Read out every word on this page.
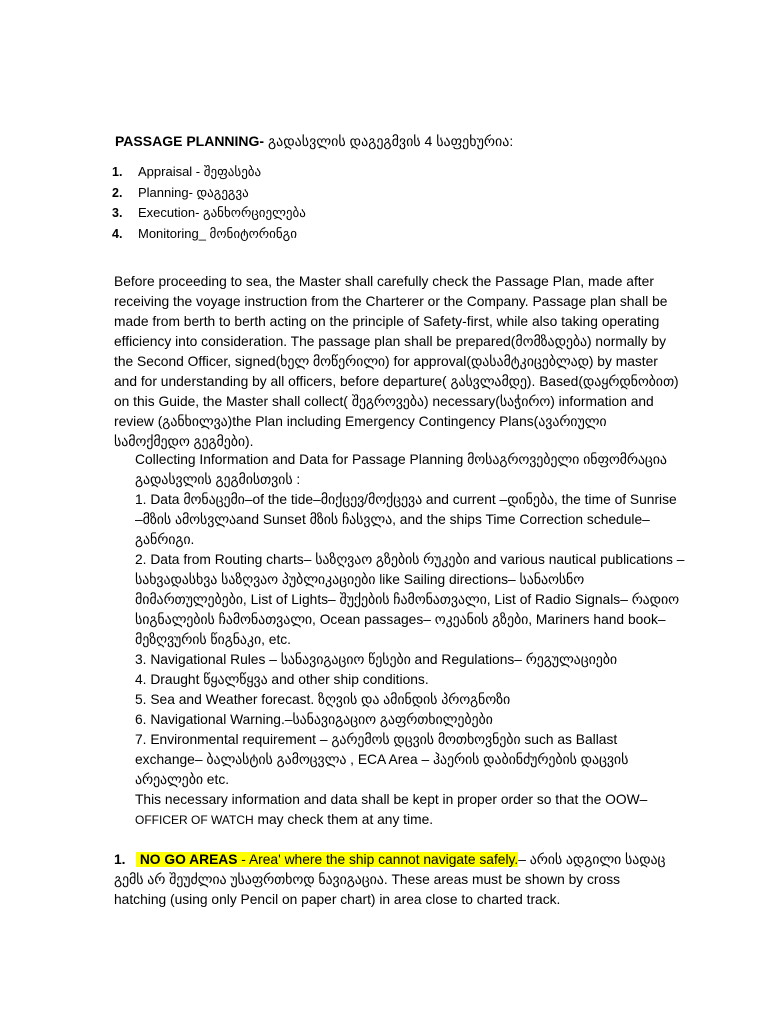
PASSAGE PLANNING- გადასვლის დაგეგმვის 4 საფეხურია:

1. Appraisal - შეფასება
2. Planning- დაგეგვა
3. Execution- განხორციელება
4. Monitoring_ მონიტორინგი

Before proceeding to sea, the Master shall carefully check the Passage Plan, made after receiving the voyage instruction from the Charterer or the Company. Passage plan shall be made from berth to berth acting on the principle of Safety-first, while also taking operating efficiency into consideration. The passage plan shall be prepared(მომზადება) normally by the Second Officer, signed(ხელ მოწერილი) for approval(დასამტკიცებლად) by master and for understanding by all officers, before departure( გასვლამდე). Based(დაყრდნობით) on this Guide, the Master shall collect( შეგროვება) necessary(საჭირო) information and review (განხილვა)the Plan including Emergency Contingency Plans(ავარიული სამოქმედო გეგმები).

Collecting Information and Data for Passage Planning მოსაგროვებელი ინფომრაცია გადასვლის გეგმისთვის :

1. Data მონაცემი–of the tide–მიქცევ/მოქცევა and current –დინება, the time of Sunrise –მზის ამოსვლაand Sunset მზის ჩასვლა, and the ships Time Correction schedule– განრიგი.

2. Data from Routing charts– საზღვაო გზების რუკები and various nautical publications –სახვადასხვა საზღვაო პუბლიკაციები like Sailing directions– სანაოსნო მიმართულებები, List of Lights– შუქების ჩამონათვალი, List of Radio Signals– რადიო სიგნალების ჩამონათვალი, Ocean passages– ოკეანის გზები, Mariners hand book– მეზღვურის წიგნაკი, etc.

3. Navigational Rules – სანავიგაციო წესები and Regulations– რეგულაციები

4. Draught წყალწყვა and other ship conditions.

5. Sea and Weather forecast. ზღვის და ამინდის პროგნოზი

6. Navigational Warning.–სანავიგაციო გაფრთხილებები

7. Environmental requirement – გარემოს დცვის მოთხოვნები such as Ballast exchange– ბალასტის გამოცვლა , ECA Area – ჰაერის დაბინძურების დაცვის არეალები etc.

This necessary information and data shall be kept in proper order so that the OOW–
OFFICER OF WATCH may check them at any time.

1. NO GO AREAS - Area' where the ship cannot navigate safely.– არის ადგილი სადაც გემს არ შეუძლია უსაფრთხოდ ნავიგაცია. These areas must be shown by cross hatching (using only Pencil on paper chart) in area close to charted track.
